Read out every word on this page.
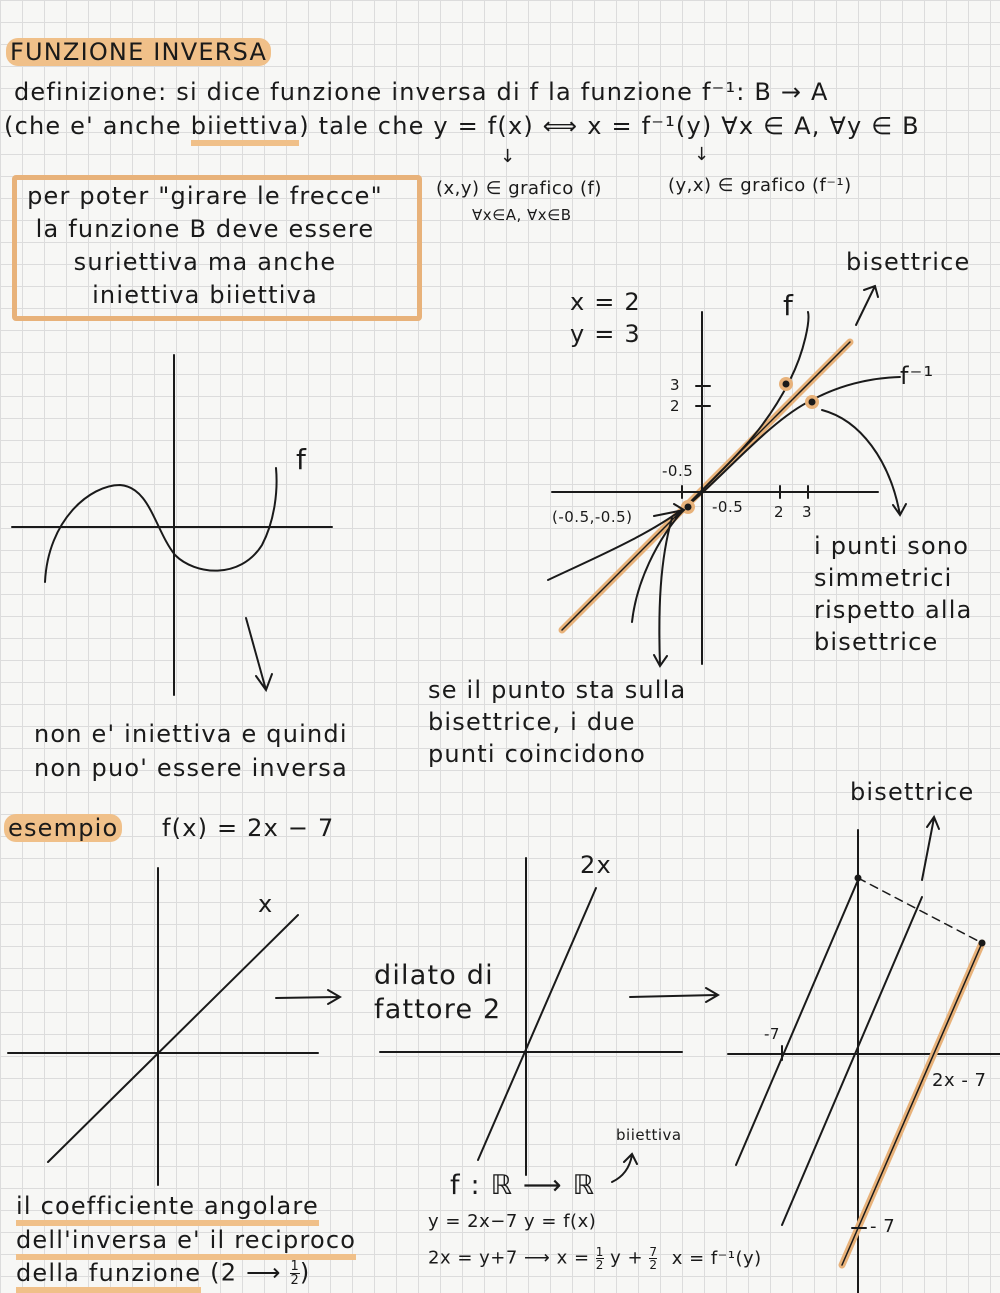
FUNZIONE INVERSA
definizione: si dice funzione inversa di f la funzione f⁻¹: B → A
(che e' anche biiettiva) tale che y = f(x) ⟺ x = f⁻¹(y) ∀x ∈ A, ∀y ∈ B
↓	↓
(x,y) ∈ grafico (f)
∀x∈A, ∀x∈B
(y,x) ∈ grafico (f⁻¹)
per poter "girare le frecce"
la funzione B deve essere
suriettiva ma anche
iniettiva biiettiva
f
x = 2
y = 3
bisettrice
f
f⁻¹
3
2
-0.5
-0.5 2 3
(-0.5,-0.5)
non e' iniettiva e quindi
non puo' essere inversa
i punti sono
simmetrici
rispetto alla
bisettrice
se il punto sta sulla
bisettrice, i due
punti coincidono
esempio f(x) = 2x − 7
x
2x
dilato di
fattore 2
bisettrice
-7
2x - 7
- 7
biiettiva
f : ℝ ⟶ ℝ
y = 2x−7 y = f(x)
2x = y+7 ⟶ $x = \frac{1}{2}$ $y + \frac{7}{2}$ x = f⁻¹(y)
il coefficiente angolare
dell'inversa e' il reciproco
della funzione (2 ⟶ $\frac{1}{2}$ )
